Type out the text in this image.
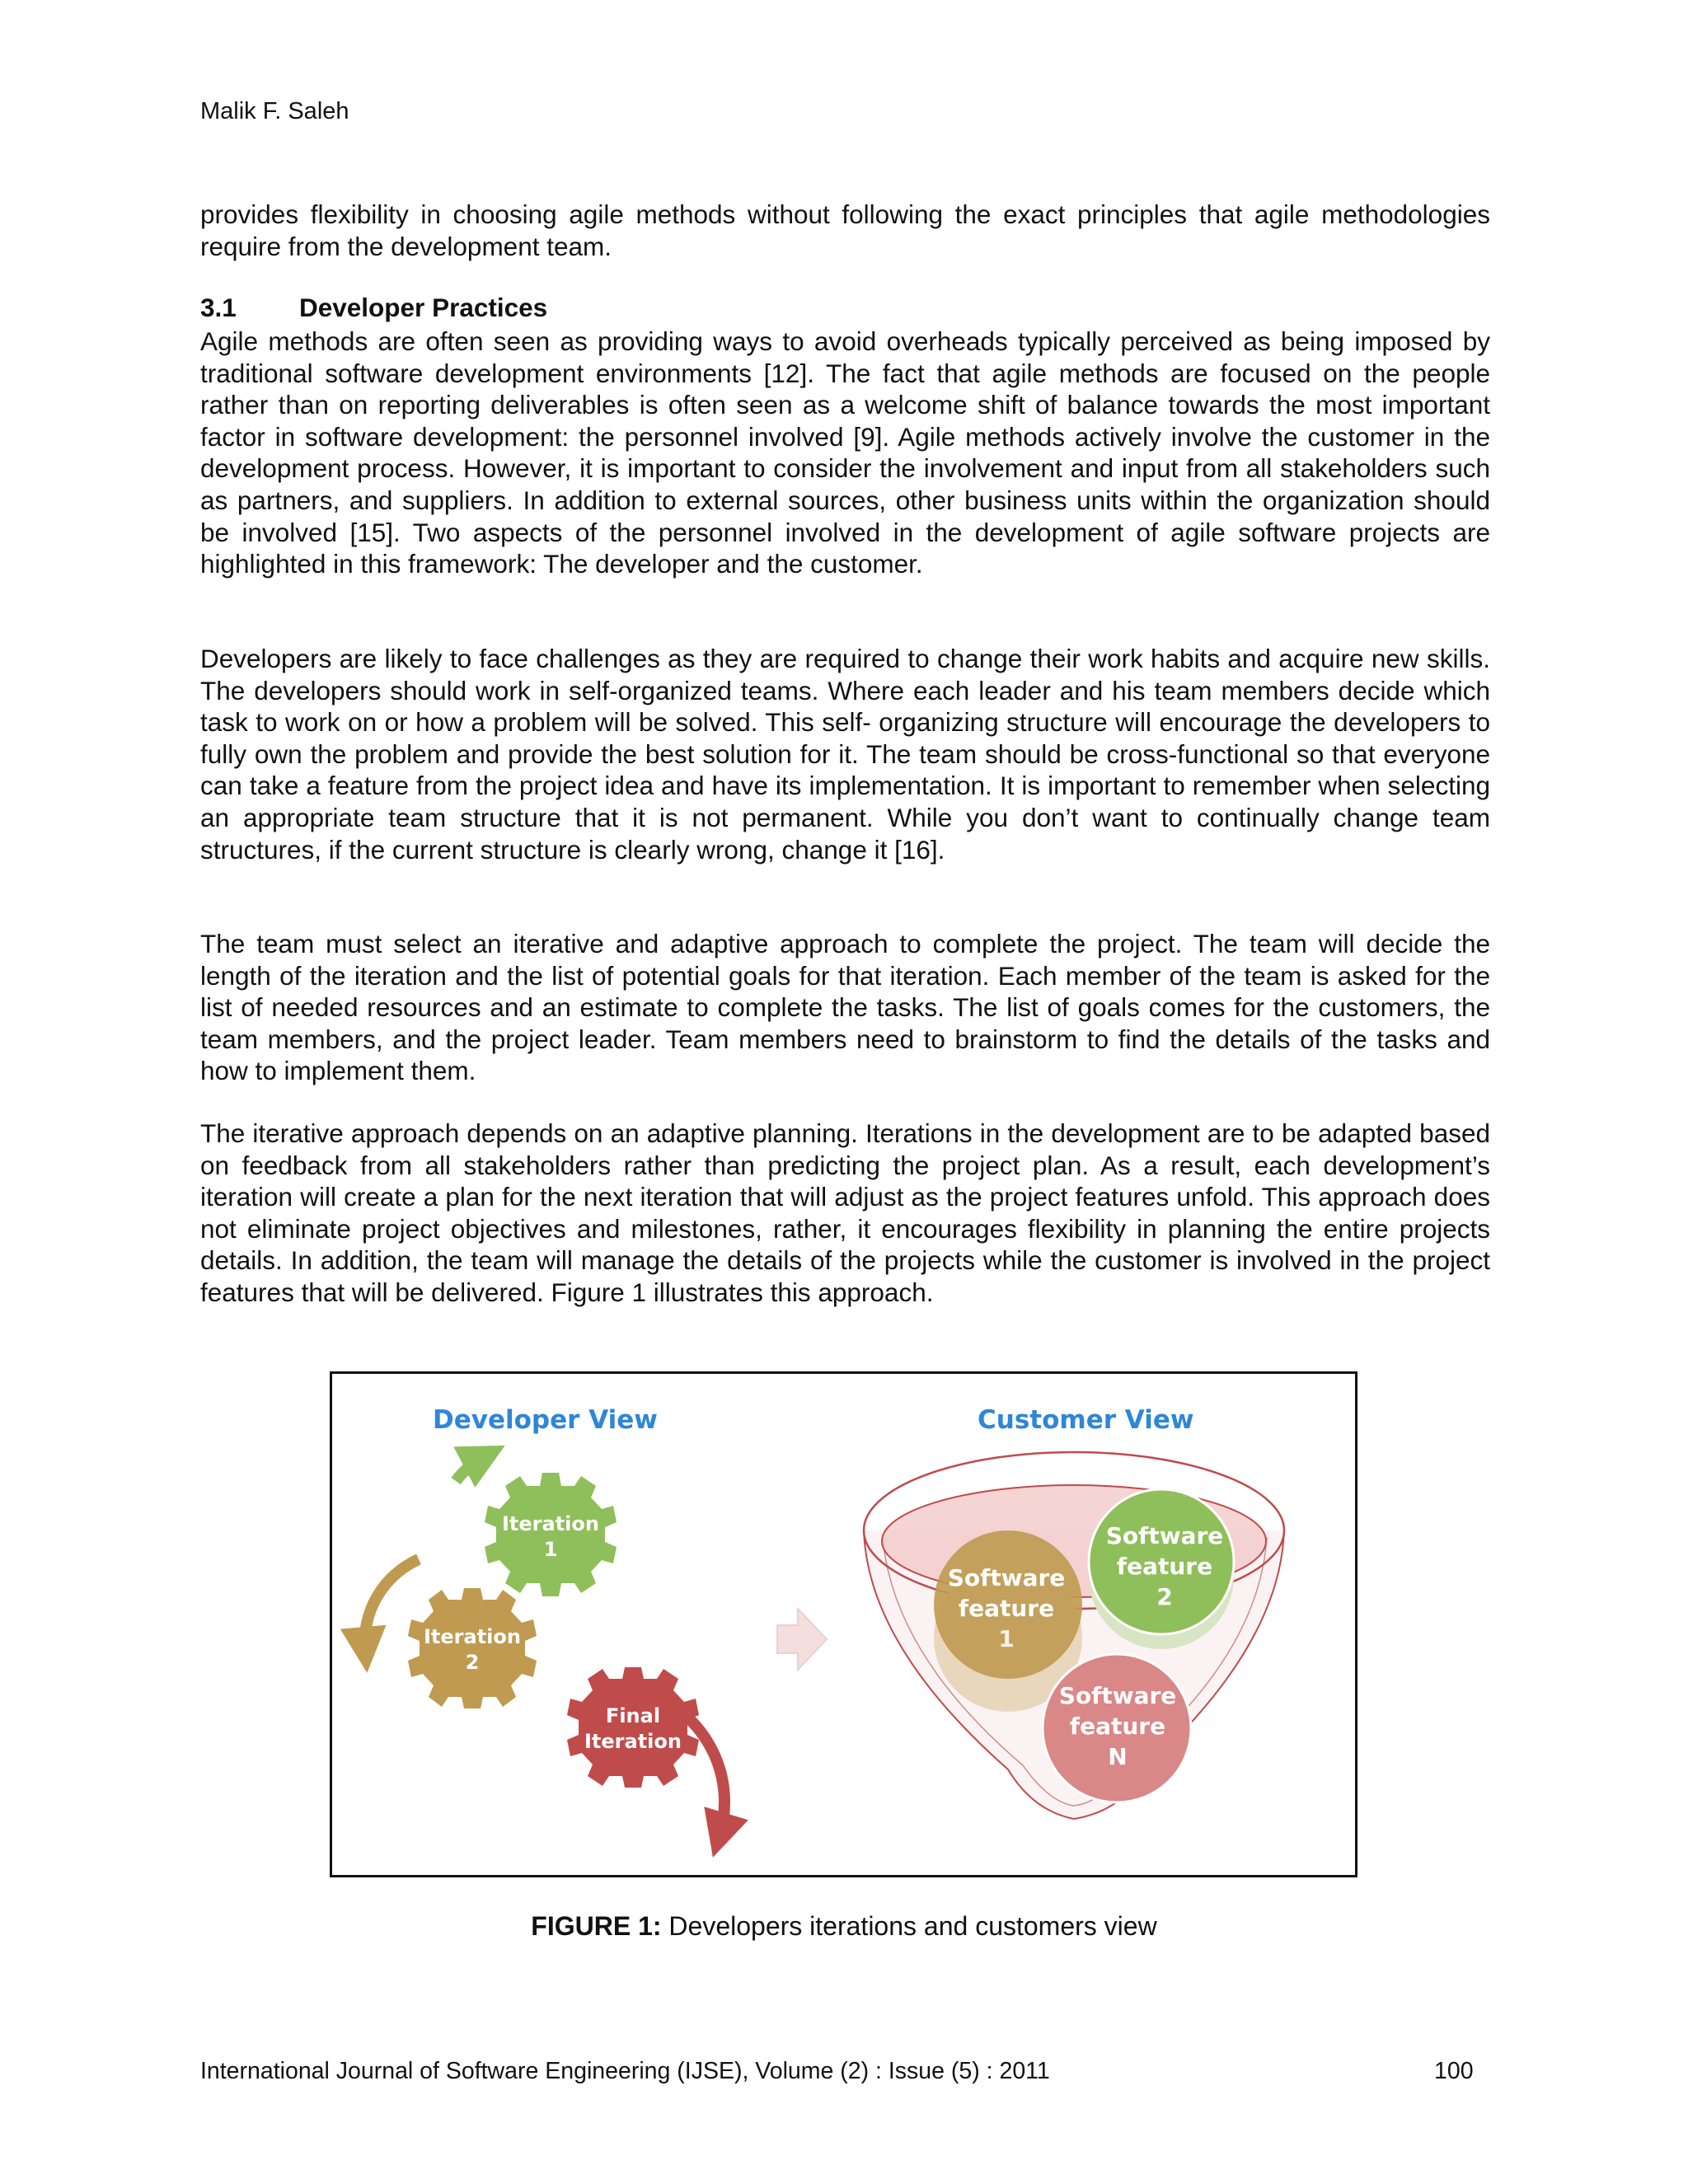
Malik F. Saleh

provides flexibility in choosing agile methods without following the exact principles that agile methodologies require from the development team.

3.1 Developer Practices

Agile methods are often seen as providing ways to avoid overheads typically perceived as being imposed by traditional software development environments [12]. The fact that agile methods are focused on the people rather than on reporting deliverables is often seen as a welcome shift of balance towards the most important factor in software development: the personnel involved [9]. Agile methods actively involve the customer in the development process. However, it is important to consider the involvement and input from all stakeholders such as partners, and suppliers. In addition to external sources, other business units within the organization should be involved [15]. Two aspects of the personnel involved in the development of agile software projects are highlighted in this framework: The developer and the customer.

Developers are likely to face challenges as they are required to change their work habits and acquire new skills. The developers should work in self-organized teams. Where each leader and his team members decide which task to work on or how a problem will be solved. This self- organizing structure will encourage the developers to fully own the problem and provide the best solution for it. The team should be cross-functional so that everyone can take a feature from the project idea and have its implementation. It is important to remember when selecting an appropriate team structure that it is not permanent. While you don’t want to continually change team structures, if the current structure is clearly wrong, change it [16].

The team must select an iterative and adaptive approach to complete the project. The team will decide the length of the iteration and the list of potential goals for that iteration. Each member of the team is asked for the list of needed resources and an estimate to complete the tasks. The list of goals comes for the customers, the team members, and the project leader. Team members need to brainstorm to find the details of the tasks and how to implement them.

The iterative approach depends on an adaptive planning. Iterations in the development are to be adapted based on feedback from all stakeholders rather than predicting the project plan. As a result, each development’s iteration will create a plan for the next iteration that will adjust as the project features unfold. This approach does not eliminate project objectives and milestones, rather, it encourages flexibility in planning the entire projects details. In addition, the team will manage the details of the projects while the customer is involved in the project features that will be delivered. Figure 1 illustrates this approach.

Developer View	Customer View
Iteration
2
Iteration
1
Final
Iteration
Software
feature
1
Software
feature
2
Software
feature
N
FIGURE 1: Developers iterations and customers view
International Journal of Software Engineering (IJSE), Volume (2) : Issue (5) : 2011	100
